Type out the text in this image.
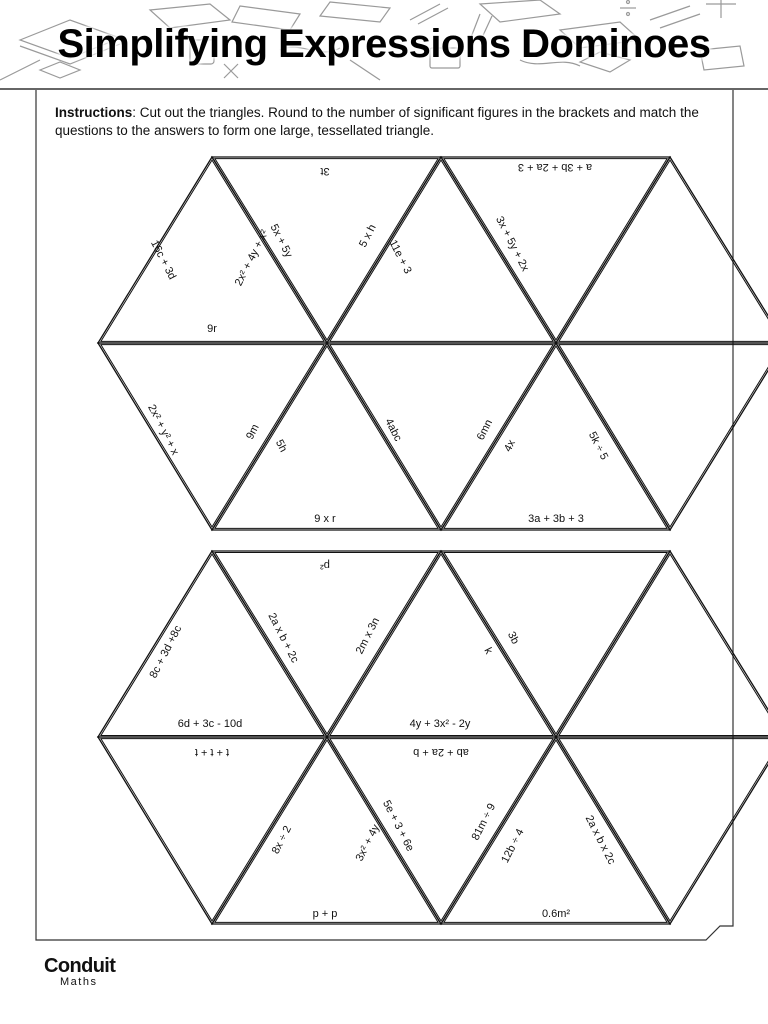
Simplifying Expressions Dominoes
Instructions: Cut out the triangles. Round to the number of significant figures in the brackets and match the questions to the answers to form one large, tessellated triangle.
3t	a + 3b + 2a + 3
16c + 3d	2x² + 4y + x²
5x + 5y	5 x h
11e + 3	3x + 5y + 2x
9r
2x² + y² + x	9m
5h
4abc	6mn
4x	5k ÷ 5
9 x r	3a + 3b + 3
p²
8c + 3d +8c	2a x b + 2c	2m x 3n	3b
k
6d + 3c - 10d	4y + 3x² - 2y
t + t + t	ab + 2a + b
8x ÷ 2	5e + 3 + 6e
3x² + 4y
81m ÷ 9
12b ÷ 4	2a x b x 2c
p + p	0.6m²
Conduit
Maths
